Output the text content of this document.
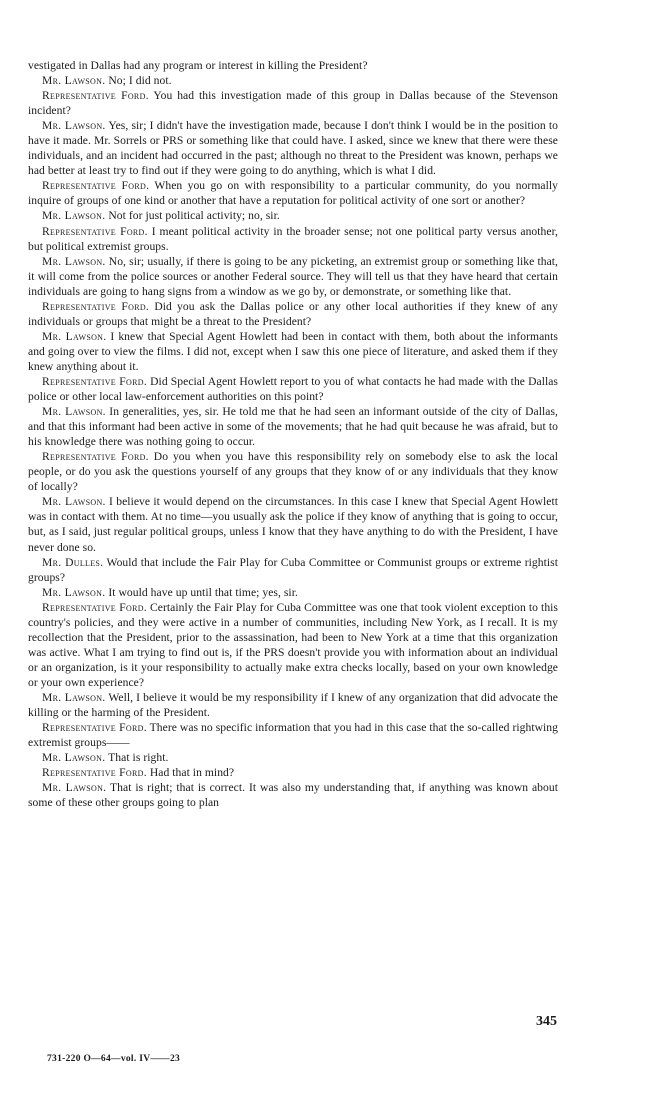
vestigated in Dallas had any program or interest in killing the President?

Mr. Lawson. No; I did not.

Representative Ford. You had this investigation made of this group in Dallas because of the Stevenson incident?

Mr. Lawson. Yes, sir; I didn't have the investigation made, because I don't think I would be in the position to have it made. Mr. Sorrels or PRS or something like that could have. I asked, since we knew that there were these individuals, and an incident had occurred in the past; although no threat to the President was known, perhaps we had better at least try to find out if they were going to do anything, which is what I did.

Representative Ford. When you go on with responsibility to a particular community, do you normally inquire of groups of one kind or another that have a reputation for political activity of one sort or another?

Mr. Lawson. Not for just political activity; no, sir.

Representative Ford. I meant political activity in the broader sense; not one political party versus another, but political extremist groups.

Mr. Lawson. No, sir; usually, if there is going to be any picketing, an extremist group or something like that, it will come from the police sources or another Federal source. They will tell us that they have heard that certain individuals are going to hang signs from a window as we go by, or demonstrate, or something like that.

Representative Ford. Did you ask the Dallas police or any other local authorities if they knew of any individuals or groups that might be a threat to the President?

Mr. Lawson. I knew that Special Agent Howlett had been in contact with them, both about the informants and going over to view the films. I did not, except when I saw this one piece of literature, and asked them if they knew anything about it.

Representative Ford. Did Special Agent Howlett report to you of what contacts he had made with the Dallas police or other local law-enforcement authorities on this point?

Mr. Lawson. In generalities, yes, sir. He told me that he had seen an informant outside of the city of Dallas, and that this informant had been active in some of the movements; that he had quit because he was afraid, but to his knowledge there was nothing going to occur.

Representative Ford. Do you when you have this responsibility rely on somebody else to ask the local people, or do you ask the questions yourself of any groups that they know of or any individuals that they know of locally?

Mr. Lawson. I believe it would depend on the circumstances. In this case I knew that Special Agent Howlett was in contact with them. At no time—you usually ask the police if they know of anything that is going to occur, but, as I said, just regular political groups, unless I know that they have anything to do with the President, I have never done so.

Mr. Dulles. Would that include the Fair Play for Cuba Committee or Communist groups or extreme rightist groups?

Mr. Lawson. It would have up until that time; yes, sir.

Representative Ford. Certainly the Fair Play for Cuba Committee was one that took violent exception to this country's policies, and they were active in a number of communities, including New York, as I recall. It is my recollection that the President, prior to the assassination, had been to New York at a time that this organization was active. What I am trying to find out is, if the PRS doesn't provide you with information about an individual or an organization, is it your responsibility to actually make extra checks locally, based on your own knowledge or your own experience?

Mr. Lawson. Well, I believe it would be my responsibility if I knew of any organization that did advocate the killing or the harming of the President.

Representative Ford. There was no specific information that you had in this case that the so-called rightwing extremist groups——

Mr. Lawson. That is right.

Representative Ford. Had that in mind?

Mr. Lawson. That is right; that is correct. It was also my understanding that, if anything was known about some of these other groups going to plan

345
731-220 O—64—vol. IV——23
